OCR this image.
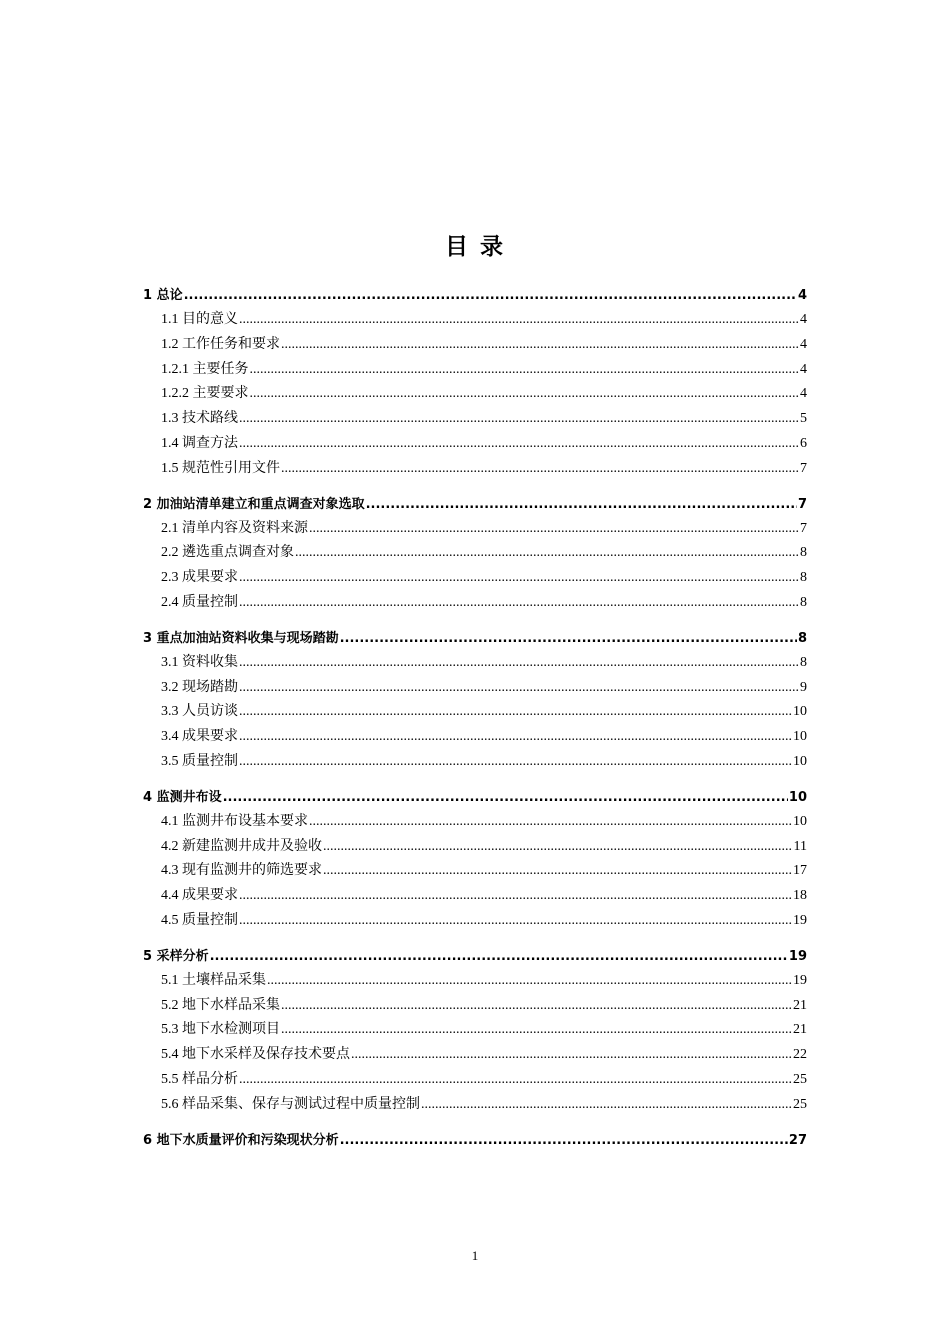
目 录
1 总论 .....	4
1.1 目的意义 .....	4
1.2 工作任务和要求 .....	4
1.2.1 主要任务 .....	4
1.2.2 主要要求 .....	4
1.3 技术路线 .....	5
1.4 调查方法 .....	6
1.5 规范性引用文件 .....	7
2 加油站清单建立和重点调查对象选取 .....	7
2.1 清单内容及资料来源 .....	7
2.2 遴选重点调查对象 .....	8
2.3 成果要求 .....	8
2.4 质量控制 .....	8
3 重点加油站资料收集与现场踏勘 .....	8
3.1 资料收集 .....	8
3.2 现场踏勘 .....	9
3.3 人员访谈 .....	10
3.4 成果要求 .....	10
3.5 质量控制 .....	10
4 监测井布设 .....	10
4.1 监测井布设基本要求 .....	10
4.2 新建监测井成井及验收 .....	11
4.3 现有监测井的筛选要求 .....	17
4.4 成果要求 .....	18
4.5 质量控制 .....	19
5 采样分析 .....	19
5.1 土壤样品采集 .....	19
5.2 地下水样品采集 .....	21
5.3 地下水检测项目 .....	21
5.4 地下水采样及保存技术要点 .....	22
5.5 样品分析 .....	25
5.6 样品采集、保存与测试过程中质量控制 .....	25
6 地下水质量评价和污染现状分析 .....	27
1
